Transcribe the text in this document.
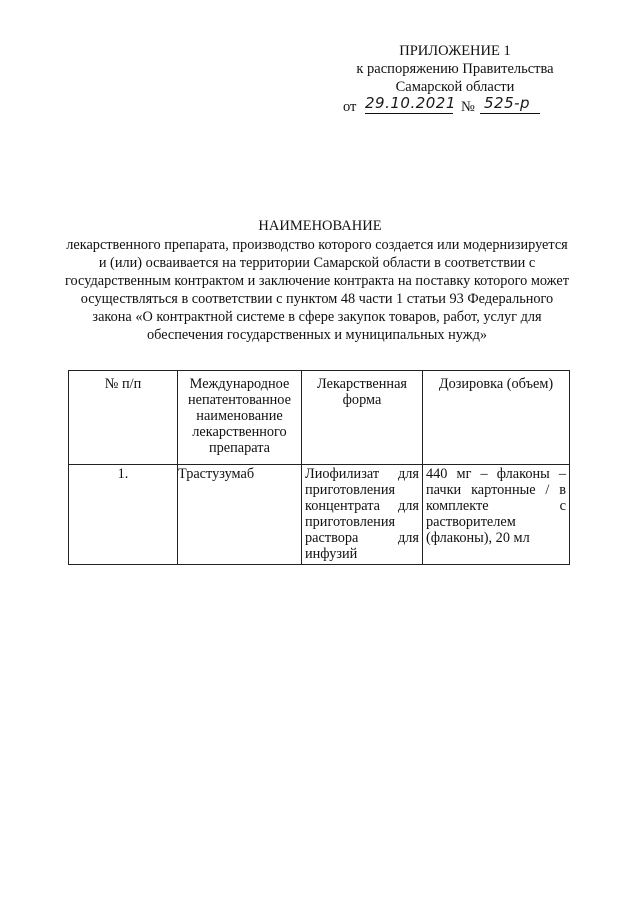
ПРИЛОЖЕНИЕ 1
к распоряжению Правительства
Самарской области
от 29.10.2021 № 525-р
НАИМЕНОВАНИЕ
лекарственного препарата, производство которого создается или модернизируется и (или) осваивается на территории Самарской области в соответствии с государственным контрактом и заключение контракта на поставку которого может осуществляться в соответствии с пунктом 48 части 1 статьи 93 Федерального закона «О контрактной системе в сфере закупок товаров, работ, услуг для обеспечения государственных и муниципальных нужд»
№ п/п	Международное непатентованное наименование лекарственного препарата	Лекарственная форма	Дозировка (объем)
1.	Трастузумаб	Лиофилизат для приготовления концентрата для приготовления раствора для инфузий	440 мг – флаконы – пачки картонные / в комплекте с растворителем (флаконы), 20 мл
